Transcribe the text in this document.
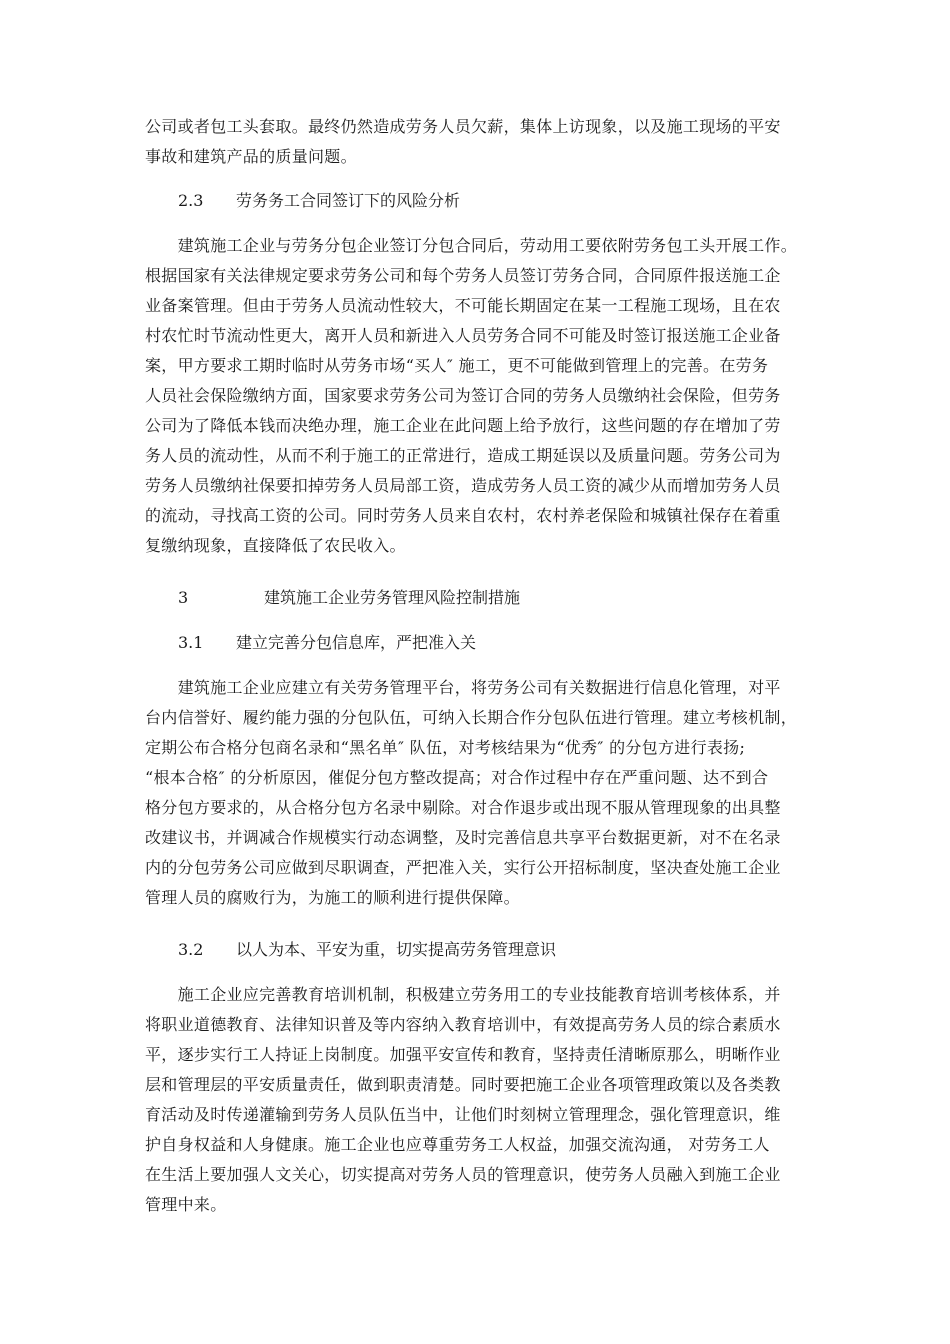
公司或者包工头套取。最终仍然造成劳务人员欠薪，集体上访现象，以及施工现场的平安
事故和建筑产品的质量问题。
2.3 劳务务工合同签订下的风险分析
　　建筑施工企业与劳务分包企业签订分包合同后，劳动用工要依附劳务包工头开展工作。
根据国家有关法律规定要求劳务公司和每个劳务人员签订劳务合同，合同原件报送施工企
业备案管理。但由于劳务人员流动性较大，不可能长期固定在某一工程施工现场，且在农
村农忙时节流动性更大，离开人员和新进入人员劳务合同不可能及时签订报送施工企业备
案，甲方要求工期时临时从劳务市场“买人″ 施工，更不可能做到管理上的完善。在劳务
人员社会保险缴纳方面，国家要求劳务公司为签订合同的劳务人员缴纳社会保险，但劳务
公司为了降低本钱而决绝办理，施工企业在此问题上给予放行，这些问题的存在增加了劳
务人员的流动性，从而不利于施工的正常进行，造成工期延误以及质量问题。劳务公司为
劳务人员缴纳社保要扣掉劳务人员局部工资，造成劳务人员工资的减少从而增加劳务人员
的流动，寻找高工资的公司。同时劳务人员来自农村，农村养老保险和城镇社保存在着重
复缴纳现象，直接降低了农民收入。
3	建筑施工企业劳务管理风险控制措施
3.1 建立完善分包信息库，严把准入关
　　建筑施工企业应建立有关劳务管理平台，将劳务公司有关数据进行信息化管理，对平
台内信誉好、履约能力强的分包队伍，可纳入长期合作分包队伍进行管理。建立考核机制，
定期公布合格分包商名录和“黑名单″ 队伍，对考核结果为“优秀″ 的分包方进行表扬;
“根本合格″ 的分析原因，催促分包方整改提高；对合作过程中存在严重问题、达不到合
格分包方要求的，从合格分包方名录中剔除。对合作退步或出现不服从管理现象的出具整
改建议书，并调减合作规模实行动态调整，及时完善信息共享平台数据更新，对不在名录
内的分包劳务公司应做到尽职调查，严把准入关，实行公开招标制度，坚决查处施工企业
管理人员的腐败行为，为施工的顺利进行提供保障。
3.2 以人为本、平安为重，切实提高劳务管理意识
　　施工企业应完善教育培训机制，积极建立劳务用工的专业技能教育培训考核体系，并
将职业道德教育、法律知识普及等内容纳入教育培训中，有效提高劳务人员的综合素质水
平，逐步实行工人持证上岗制度。加强平安宣传和教育，坚持责任清晰原那么，明晰作业
层和管理层的平安质量责任，做到职责清楚。同时要把施工企业各项管理政策以及各类教
育活动及时传递灌输到劳务人员队伍当中，让他们时刻树立管理理念，强化管理意识，维
护自身权益和人身健康。施工企业也应尊重劳务工人权益，加强交流沟通， 对劳务工人
在生活上要加强人文关心，切实提高对劳务人员的管理意识，使劳务人员融入到施工企业
管理中来。
